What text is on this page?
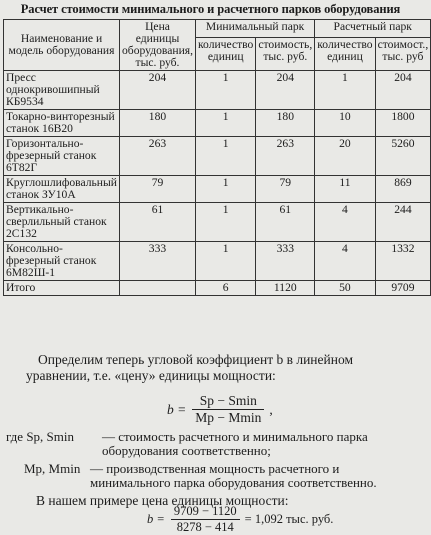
Расчет стоимости минимального и расчетного парков оборудования
Наименование и модель оборудования	Цена единицы оборудования, тыс. руб.	Минимальный парк		Расчетный парк	
		количество единиц	стоимость, тыс. руб.	количество единиц	стоимост., тыс. руб
Пресс однокривошипный КБ9534	204	1	204	1	204
Токарно-винторезный станок 16В20	180	1	180	10	1800
Горизонтально-фрезерный станок 6Т82Г	263	1	263	20	5260
Круглошлифовальный станок ЗУ10А	79	1	79	11	869
Вертикально-сверлильный станок 2С132	61	1	61	4	244
Консольно-фрезерный станок 6М82Ш-1	333	1	333	4	1332
Итого		6	1120	50	9709
Определим теперь угловой коэффициент b в линейном уравнении, т.е. «цену» единицы мощности:
$b = \frac{Sp - Smin}{Mp - Mmin}$ ,
где Sp, Smin — стоимость расчетного и минимального парка оборудования соответственно;
Mp, Mmin — производственная мощность расчетного и минимального парка оборудования соответственно.
В нашем примере цена единицы мощности:
$b = \frac{9709 - 1120}{8278 - 414} = 1,092$ тыс. руб.
